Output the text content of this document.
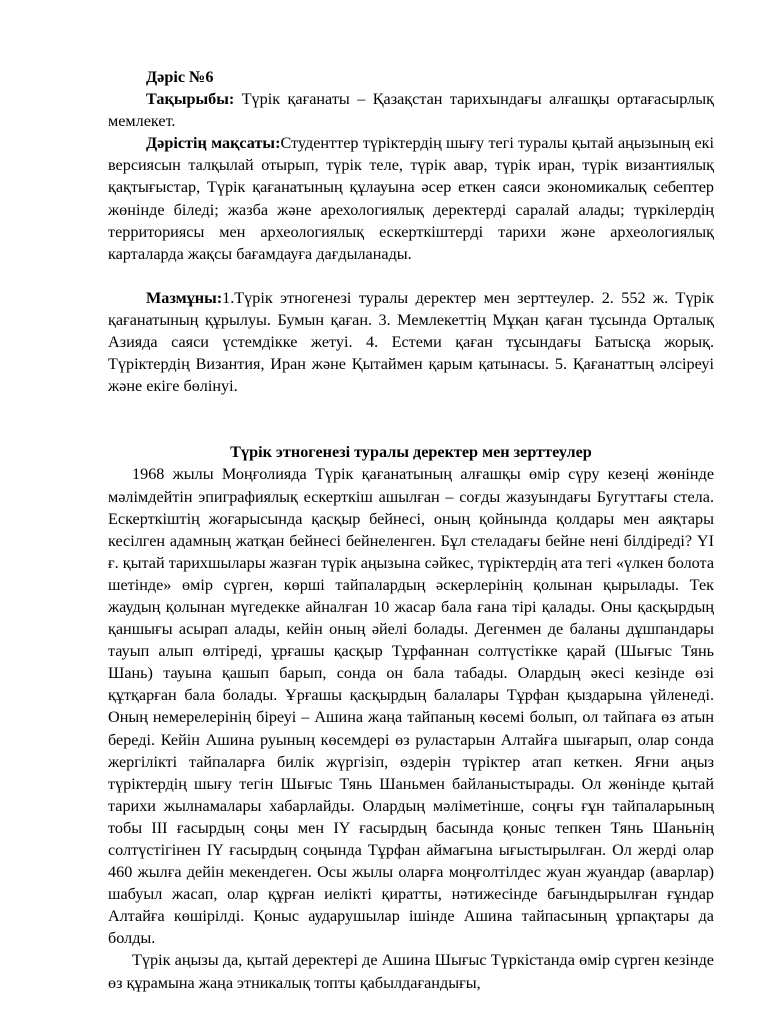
Дәріс №6

Тақырыбы: Түрік қағанаты – Қазақстан тарихындағы алғашқы ортағасырлық мемлекет.

Дәрістің мақсаты:Студенттер түріктердің шығу тегі туралы қытай аңызының екі версиясын талқылай отырып, түрік теле, түрік авар, түрік иран, түрік византиялық қақтығыстар, Түрік қағанатының құлауына әсер еткен саяси экономикалық себептер жөнінде біледі; жазба және арехологиялық деректерді саралай алады; түркілердің территориясы мен археологиялық ескерткіштерді тарихи және археологиялық карталарда жақсы бағамдауға дағдыланады.

Мазмұны:1.Түрік этногенезі туралы деректер мен зерттеулер. 2. 552 ж. Түрік қағанатының құрылуы. Бумын қаған. 3. Мемлекеттің Мұқан қаған тұсында Орталық Азияда саяси үстемдікке жетуі. 4. Естеми қаған тұсындағы Батысқа жорық. Түріктердің Византия, Иран және Қытаймен қарым қатынасы. 5. Қағанаттың әлсіреуі және екіге бөлінуі.

Түрік этногенезі туралы деректер мен зерттеулер

1968 жылы Моңғолияда Түрік қағанатының алғашқы өмір сүру кезеңі жөнінде мәлімдейтін эпиграфиялық ескерткіш ашылған – соғды жазуындағы Бугуттағы стела. Ескерткіштің жоғарысында қасқыр бейнесі, оның қойнында қолдары мен аяқтары кесілген адамның жатқан бейнесі бейнеленген. Бұл стеладағы бейне нені білдіреді? YI ғ. қытай тарихшылары жазған түрік аңызына сәйкес, түріктердің ата тегі «үлкен болота шетінде» өмір сүрген, көрші тайпалардың әскерлерінің қолынан қырылады. Тек жаудың қолынан мүгедекке айналған 10 жасар бала ғана тірі қалады. Оны қасқырдың қаншығы асырап алады, кейін оның әйелі болады. Дегенмен де баланы дұшпандары тауып алып өлтіреді, ұрғашы қасқыр Тұрфаннан солтүстікке қарай (Шығыс Тянь Шань) тауына қашып барып, сонда он бала табады. Олардың әкесі кезінде өзі құтқарған бала болады. Ұрғашы қасқырдың балалары Тұрфан қыздарына үйленеді. Оның немерелерінің біреуі – Ашина жаңа тайпаның көсемі болып, ол тайпаға өз атын береді. Кейін Ашина руының көсемдері өз руластарын Алтайға шығарып, олар сонда жергілікті тайпаларға билік жүргізіп, өздерін түріктер атап кеткен. Яғни аңыз түріктердің шығу тегін Шығыс Тянь Шаньмен байланыстырады. Ол жөнінде қытай тарихи жылнамалары хабарлайды. Олардың мәліметінше, соңғы ғұн тайпаларының тобы III ғасырдың соңы мен IY ғасырдың басында қоныс тепкен Тянь Шаньнің солтүстігінен IY ғасырдың соңында Тұрфан аймағына ығыстырылған. Ол жерді олар 460 жылға дейін мекендеген. Осы жылы оларға моңғолтілдес жуан жуандар (аварлар) шабуыл жасап, олар құрған иелікті қиратты, нәтижесінде бағындырылған ғұндар Алтайға көшірілді. Қоныс аударушылар ішінде Ашина тайпасының ұрпақтары да болды.

Түрік аңызы да, қытай деректері де Ашина Шығыс Түркістанда өмір сүрген кезінде өз құрамына жаңа этникалық топты қабылдағандығы,
